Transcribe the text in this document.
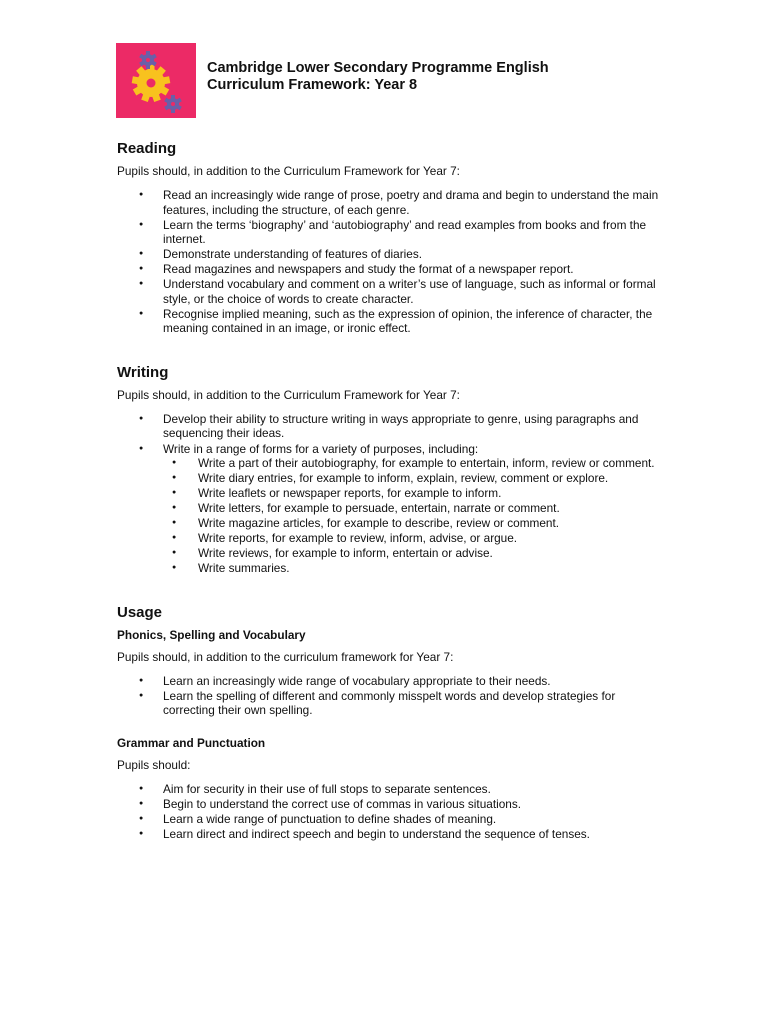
Cambridge Lower Secondary Programme English
Curriculum Framework: Year 8
Reading

Pupils should, in addition to the Curriculum Framework for Year 7:

● Read an increasingly wide range of prose, poetry and drama and begin to understand the main features, including the structure, of each genre.
● Learn the terms ‘biography’ and ‘autobiography’ and read examples from books and from the internet.
● Demonstrate understanding of features of diaries.
● Read magazines and newspapers and study the format of a newspaper report.
● Understand vocabulary and comment on a writer’s use of language, such as informal or formal style, or the choice of words to create character.
● Recognise implied meaning, such as the expression of opinion, the inference of character, the meaning contained in an image, or ironic effect.
Writing

Pupils should, in addition to the Curriculum Framework for Year 7:

● Develop their ability to structure writing in ways appropriate to genre, using paragraphs and sequencing their ideas.
● Write in a range of forms for a variety of purposes, including:
● Write a part of their autobiography, for example to entertain, inform, review or comment.
● Write diary entries, for example to inform, explain, review, comment or explore.
● Write leaflets or newspaper reports, for example to inform.
● Write letters, for example to persuade, entertain, narrate or comment.
● Write magazine articles, for example to describe, review or comment.
● Write reports, for example to review, inform, advise, or argue.
● Write reviews, for example to inform, entertain or advise.
● Write summaries.
Usage
Phonics, Spelling and Vocabulary

Pupils should, in addition to the curriculum framework for Year 7:

● Learn an increasingly wide range of vocabulary appropriate to their needs.
● Learn the spelling of different and commonly misspelt words and develop strategies for correcting their own spelling.
Grammar and Punctuation

Pupils should:

● Aim for security in their use of full stops to separate sentences.
● Begin to understand the correct use of commas in various situations.
● Learn a wide range of punctuation to define shades of meaning.
● Learn direct and indirect speech and begin to understand the sequence of tenses.
